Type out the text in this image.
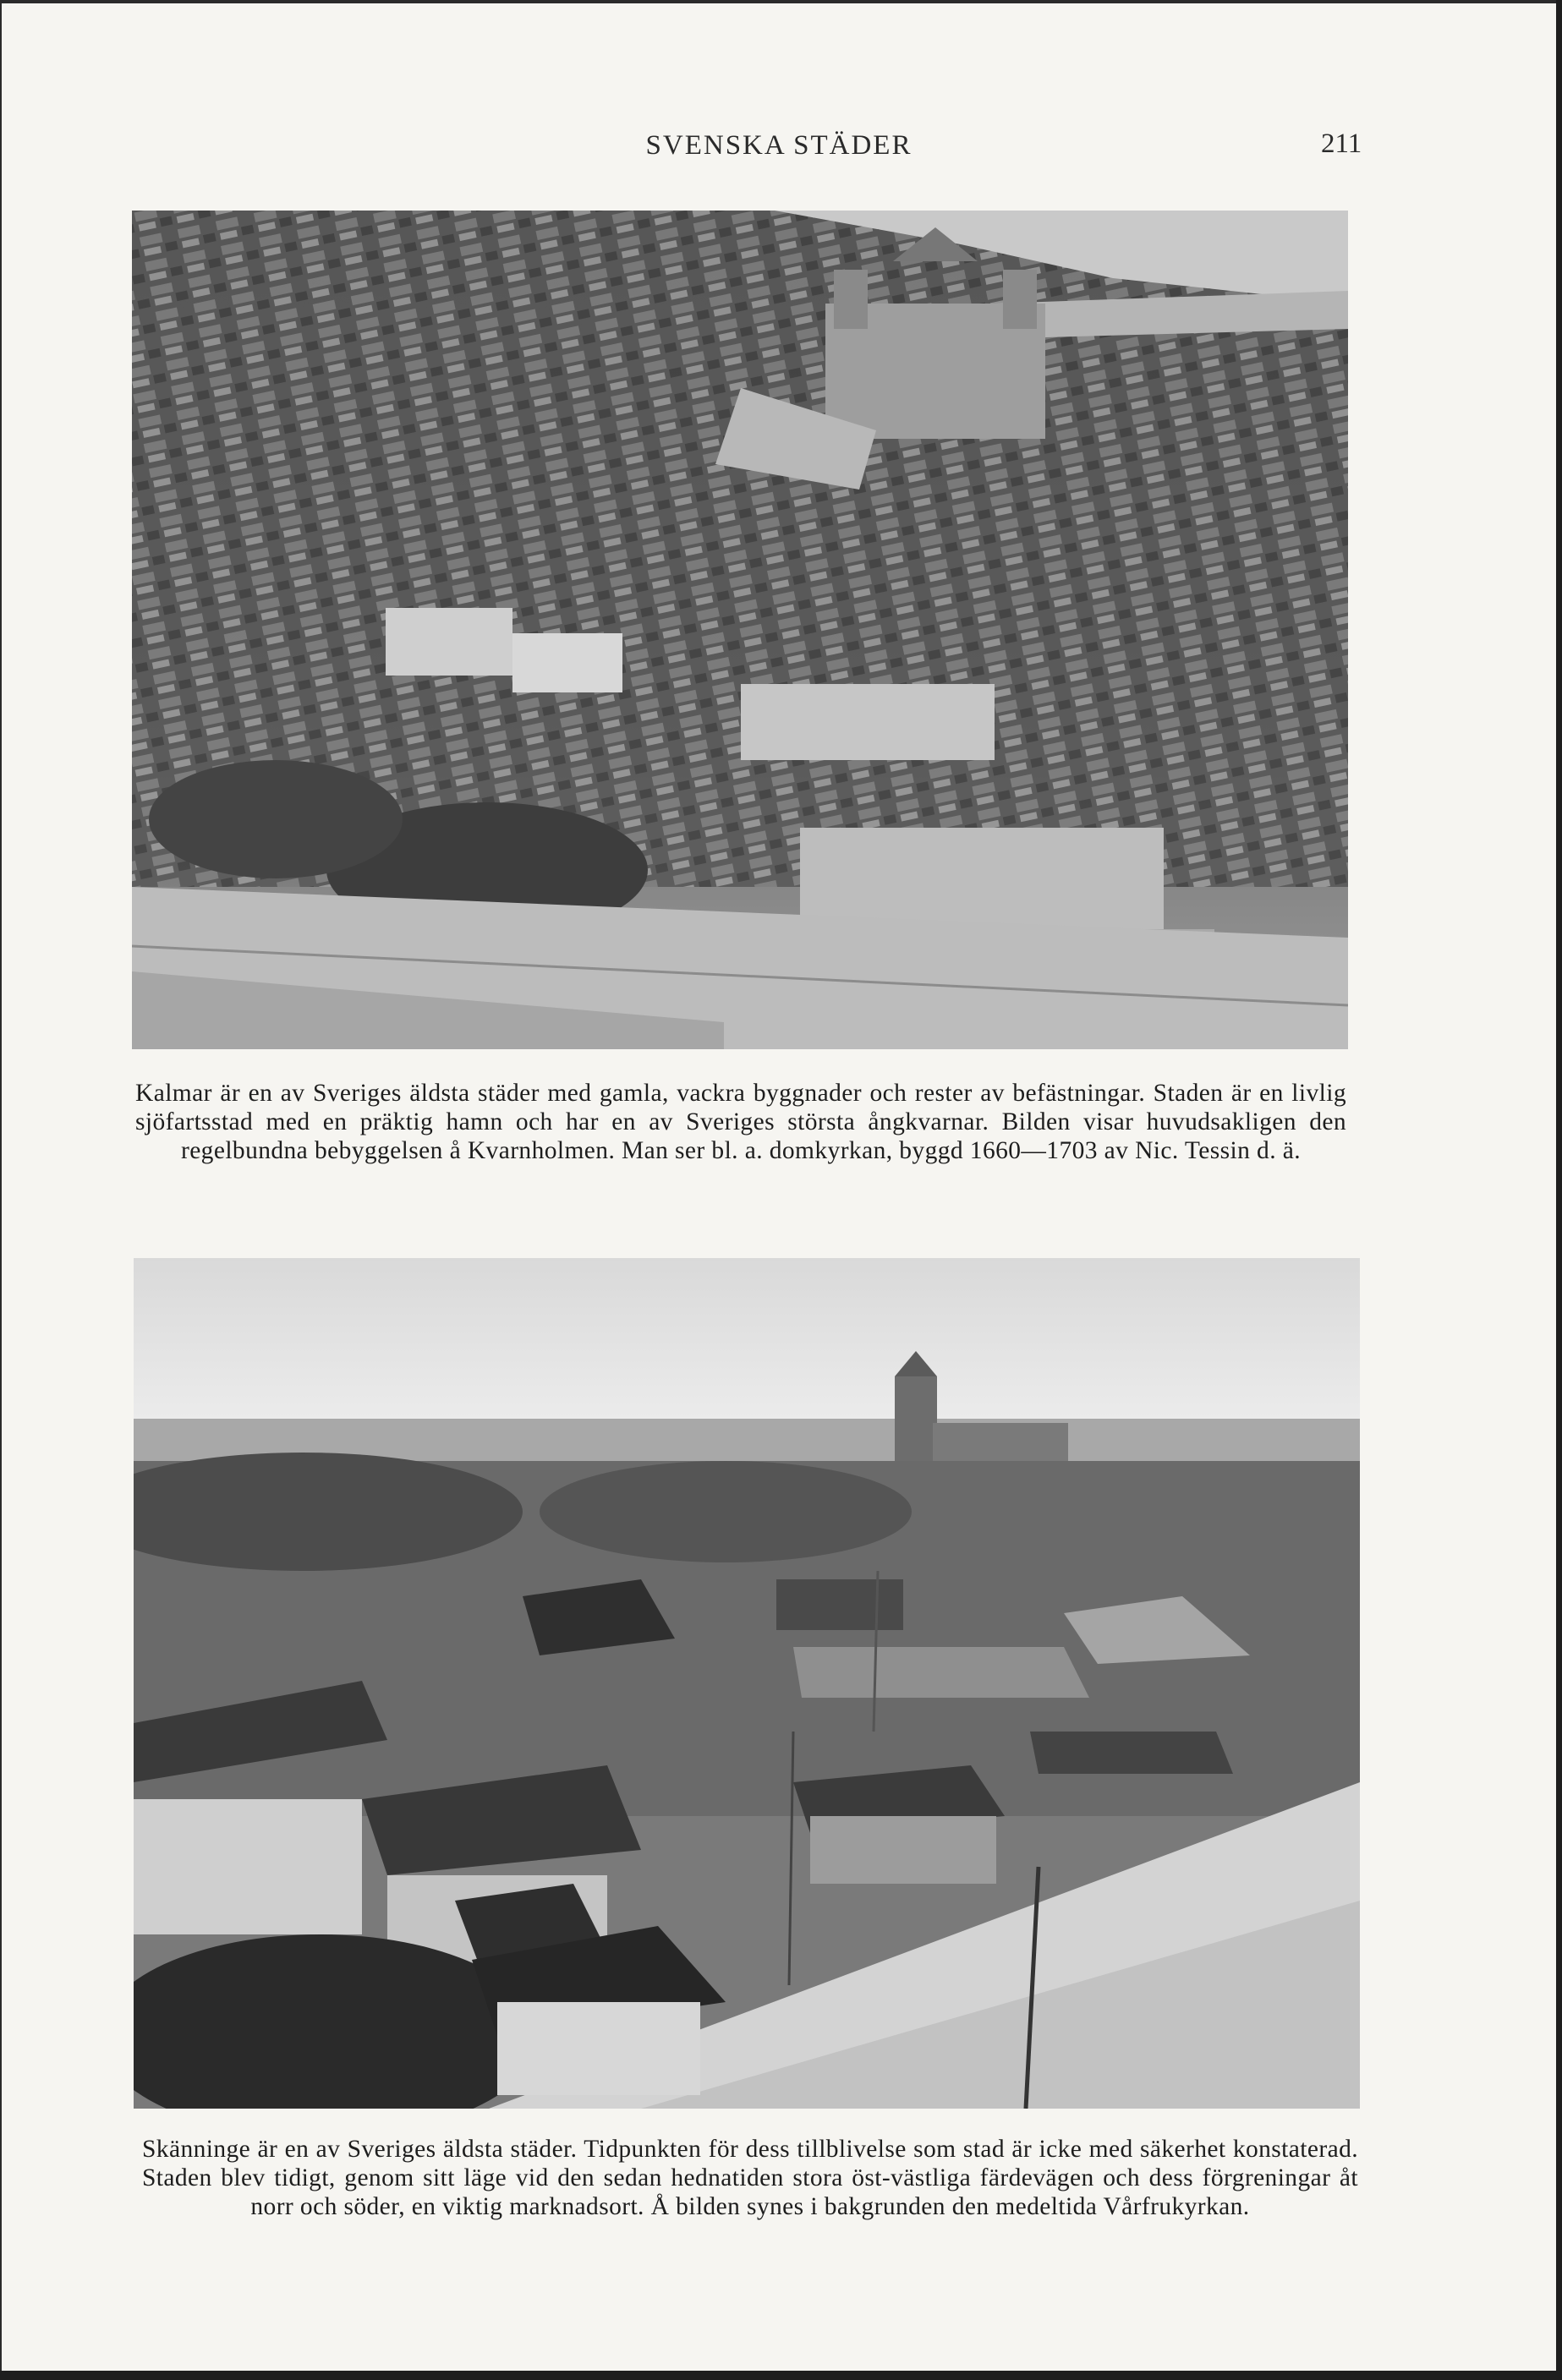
SVENSKA STÄDER	211
Kalmar är en av Sveriges äldsta städer med gamla, vackra byggnader och rester av befästningar. Staden är en livlig sjöfartsstad med en präktig hamn och har en av Sveriges största ångkvarnar. Bilden visar huvudsakligen den regelbundna bebyggelsen å Kvarnholmen. Man ser bl. a. domkyrkan, byggd 1660—1703 av Nic. Tessin d. ä.
Skänninge är en av Sveriges äldsta städer. Tidpunkten för dess tillblivelse som stad är icke med säkerhet konstaterad. Staden blev tidigt, genom sitt läge vid den sedan hednatiden stora öst-västliga färdevägen och dess förgreningar åt norr och söder, en viktig marknadsort. Å bilden synes i bakgrunden den medeltida Vårfrukyrkan.
